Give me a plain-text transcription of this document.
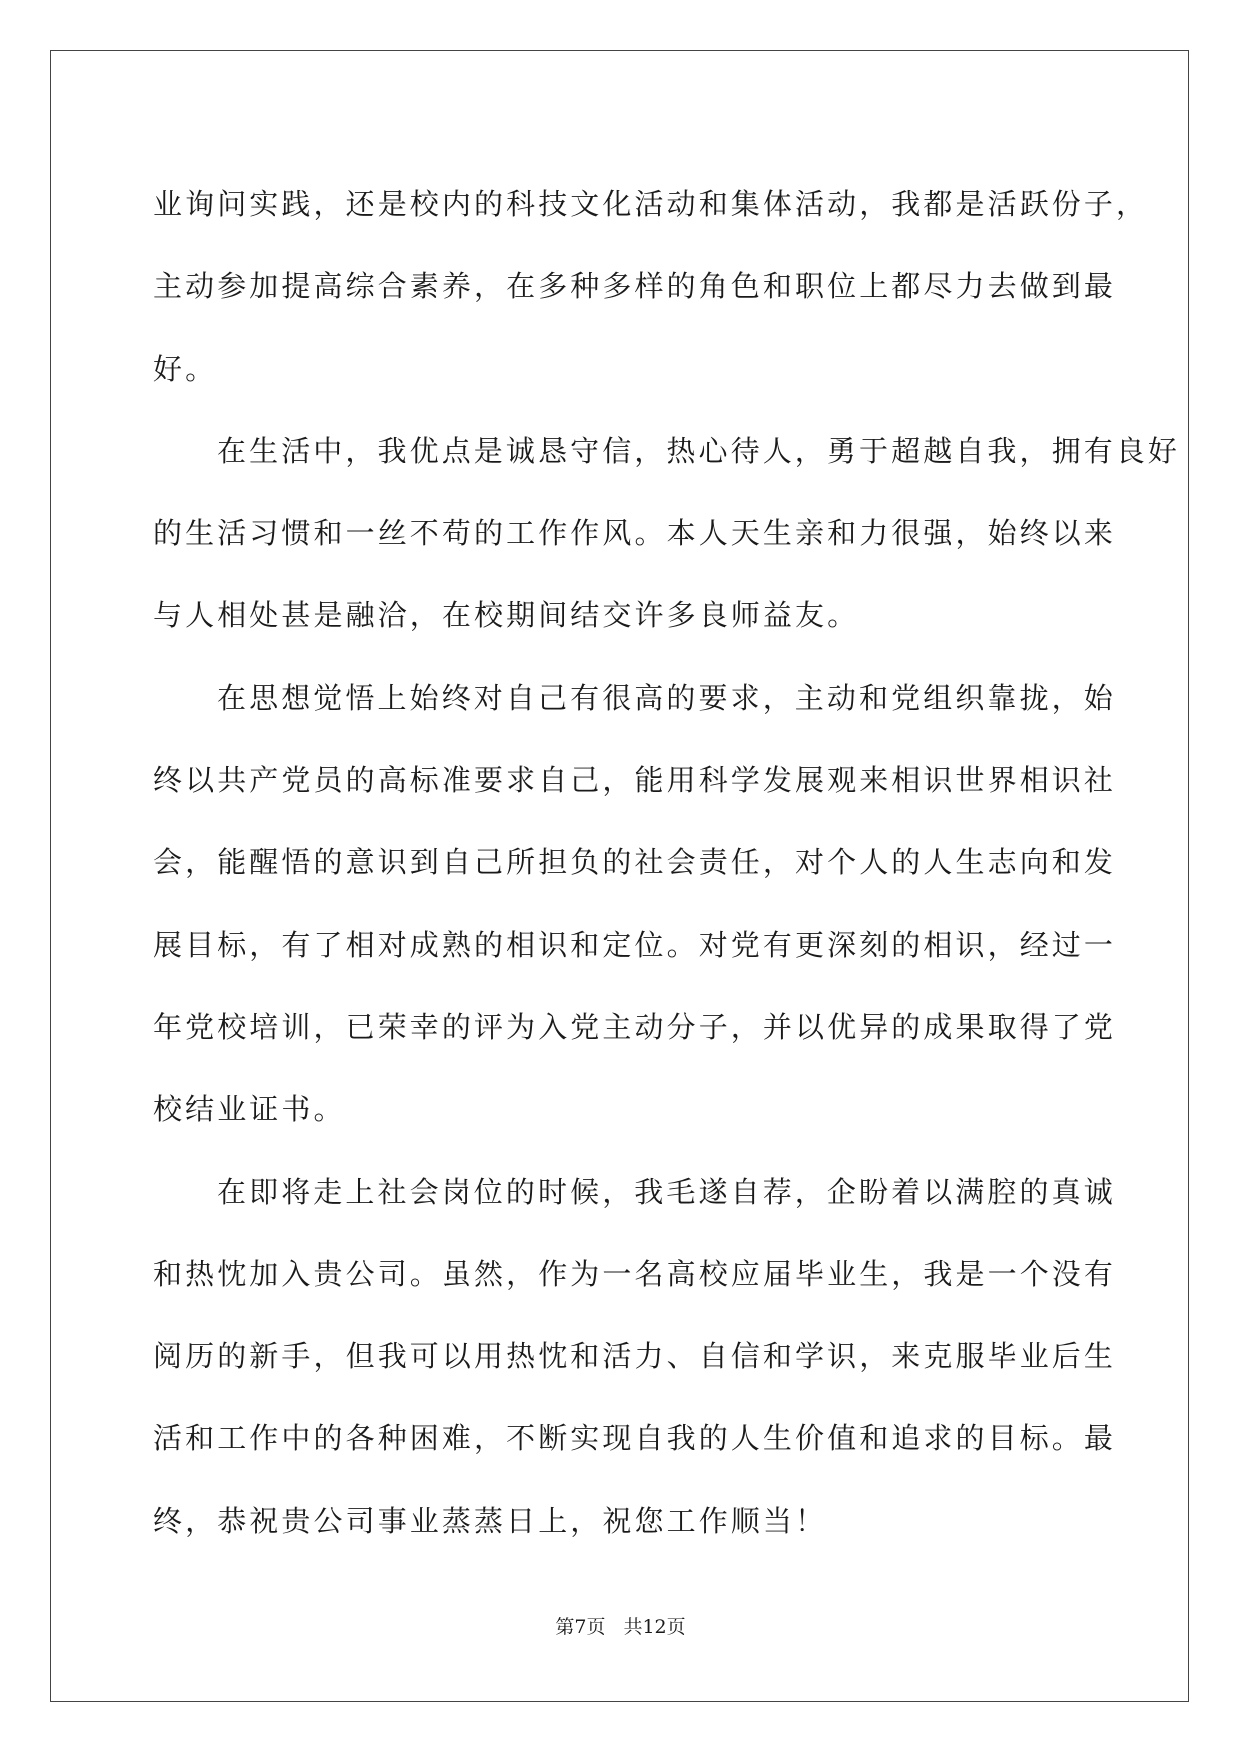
业询问实践，还是校内的科技文化活动和集体活动，我都是活跃份子，
主动参加提高综合素养，在多种多样的角色和职位上都尽力去做到最
好。
在生活中，我优点是诚恳守信，热心待人，勇于超越自我，拥有良好
的生活习惯和一丝不苟的工作作风。本人天生亲和力很强，始终以来
与人相处甚是融洽，在校期间结交许多良师益友。
在思想觉悟上始终对自己有很高的要求，主动和党组织靠拢，始
终以共产党员的高标准要求自己，能用科学发展观来相识世界相识社
会，能醒悟的意识到自己所担负的社会责任，对个人的人生志向和发
展目标，有了相对成熟的相识和定位。对党有更深刻的相识，经过一
年党校培训，已荣幸的评为入党主动分子，并以优异的成果取得了党
校结业证书。
在即将走上社会岗位的时候，我毛遂自荐，企盼着以满腔的真诚
和热忱加入贵公司。虽然，作为一名高校应届毕业生，我是一个没有
阅历的新手，但我可以用热忱和活力、自信和学识，来克服毕业后生
活和工作中的各种困难，不断实现自我的人生价值和追求的目标。最
终，恭祝贵公司事业蒸蒸日上，祝您工作顺当！
第7页 共12页
